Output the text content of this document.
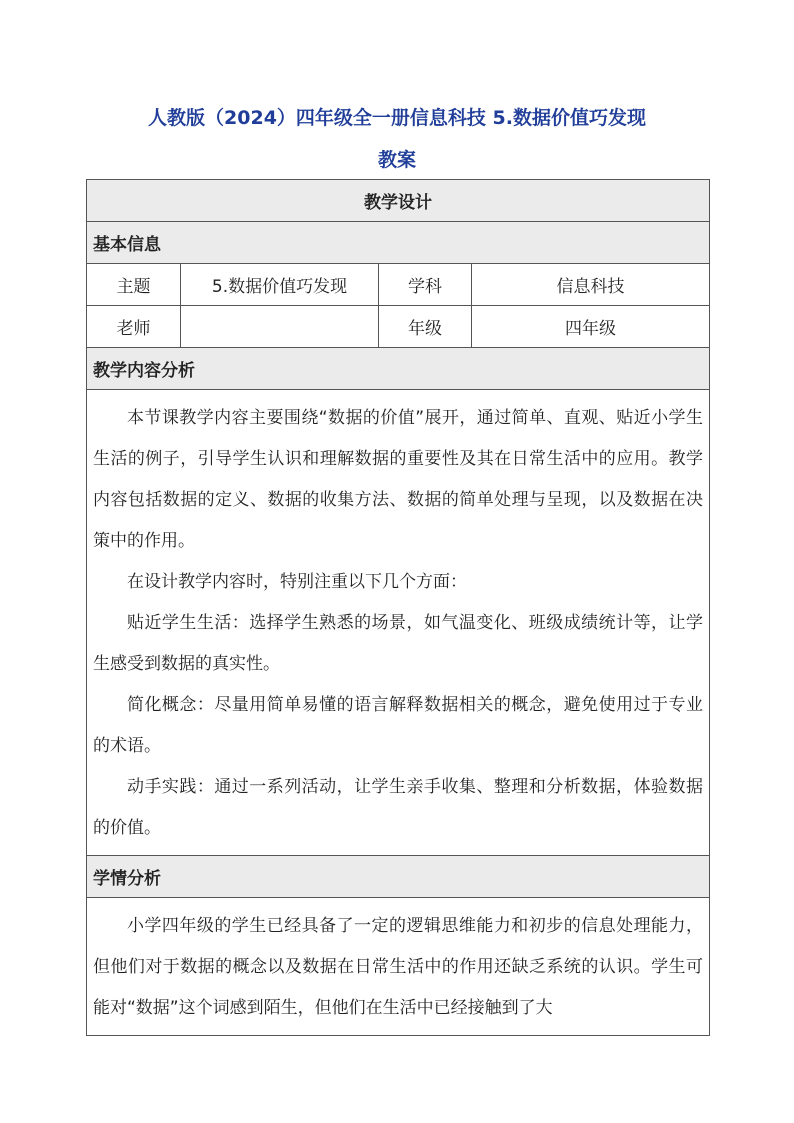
人教版（2024）四年级全一册信息科技 5.数据价值巧发现
教案
教学设计			
基本信息			
主题	5.数据价值巧发现	学科	信息科技
老师		年级	四年级
教学内容分析			

本节课教学内容主要围绕“数据的价值”展开，通过简单、直观、贴近小学生生活的例子，引导学生认识和理解数据的重要性及其在日常生活中的应用。教学内容包括数据的定义、数据的收集方法、数据的简单处理与呈现，以及数据在决策中的作用。

在设计教学内容时，特别注重以下几个方面：

贴近学生生活：选择学生熟悉的场景，如气温变化、班级成绩统计等，让学生感受到数据的真实性。

简化概念：尽量用简单易懂的语言解释数据相关的概念，避免使用过于专业的术语。

动手实践：通过一系列活动，让学生亲手收集、整理和分析数据，体验数据的价值。			

学情分析			

小学四年级的学生已经具备了一定的逻辑思维能力和初步的信息处理能力，但他们对于数据的概念以及数据在日常生活中的作用还缺乏系统的认识。学生可能对“数据”这个词感到陌生，但他们在生活中已经接触到了大			
